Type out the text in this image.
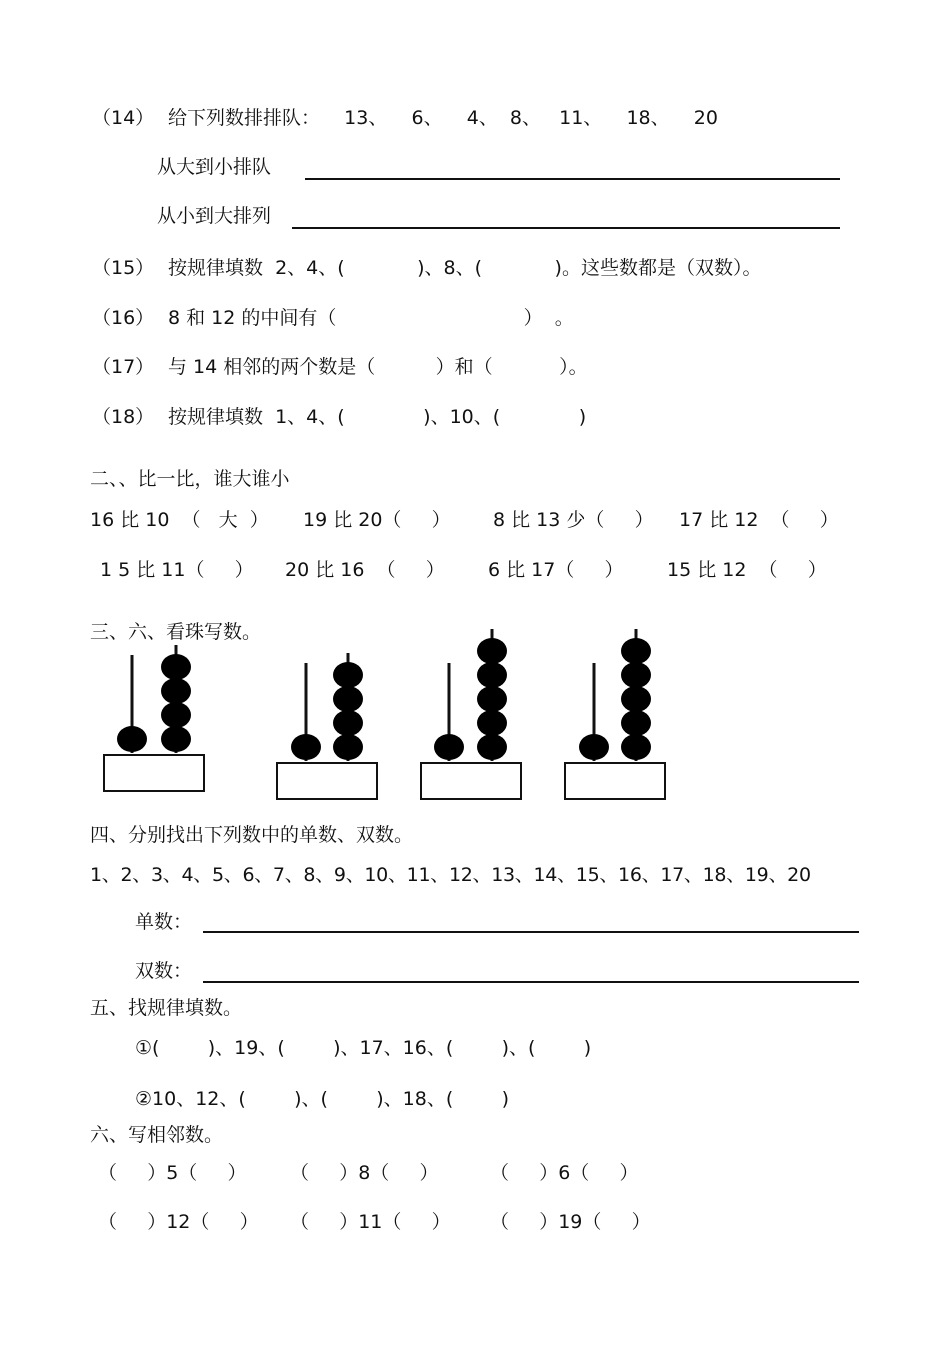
（14） 给下列数排排队：    13、    6、    4、  8、   11、    18、    20
从大到小排队
从小到大排列
（15） 按规律填数  2、4、(            )、8、(            )。这些数都是（双数）。
（16） 8 和 12 的中间有（                               ）  。
（17） 与 14 相邻的两个数是（          ）和（           ）。
（18） 按规律填数  1、4、(             )、10、(             )
二、、比一比，谁大谁小
16 比 10  （   大  ） 19 比 20（     ） 8 比 13 少（     ） 17 比 12  （     ）
1 5 比 11（     ） 20 比 16  （     ） 6 比 17（     ） 15 比 12  （     ）
三、六、看珠写数。
四、分别找出下列数中的单数、双数。
1、2、3、4、5、6、7、8、9、10、11、12、13、14、15、16、17、18、19、20
单数：
双数：
五、找规律填数。
①(        )、19、(        )、17、16、(        )、(        )
②10、12、(        )、(        )、18、(        )
六、写相邻数。
（     ）5（     ） （     ）8（     ）	（     ）6（     ）
（     ）12（     ） （     ）11（     ） （     ）19（     ）
